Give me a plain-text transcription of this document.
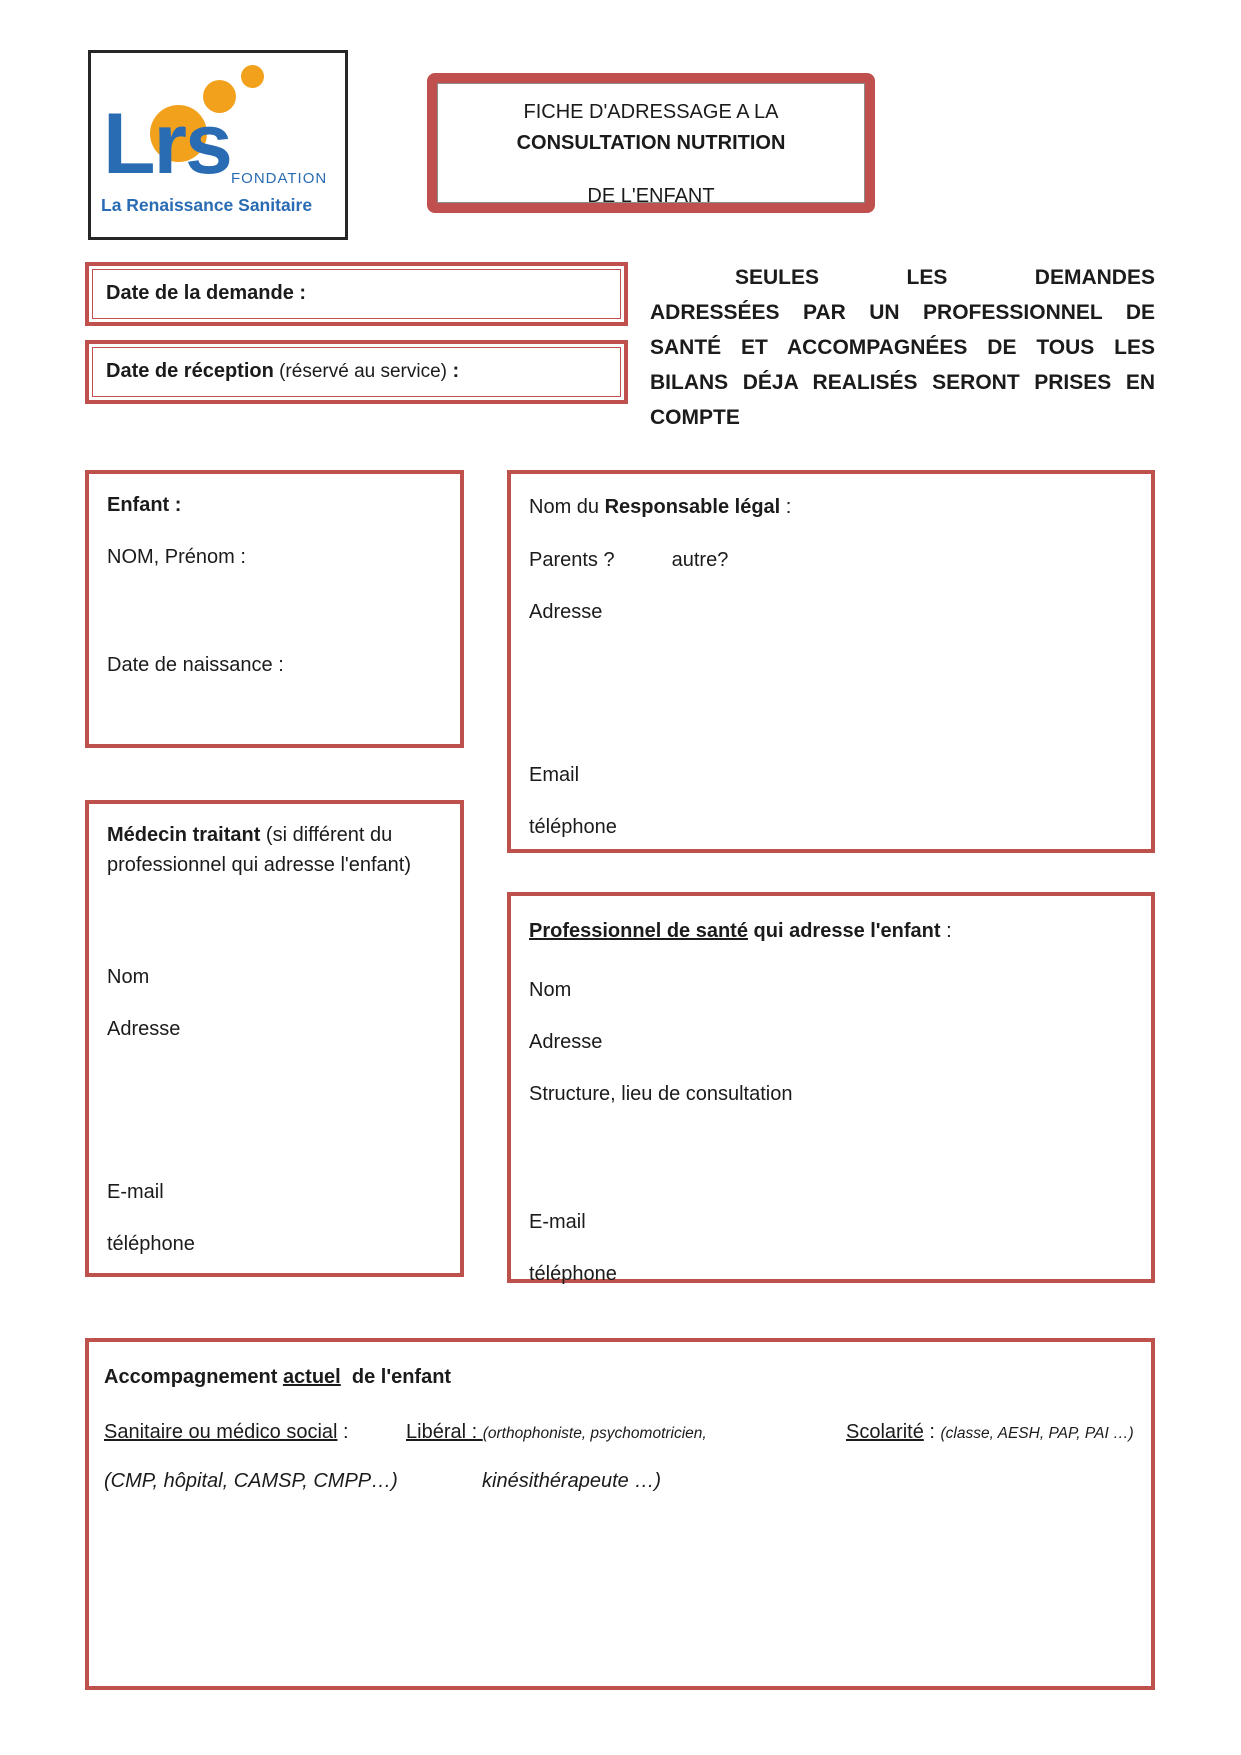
Lrs FONDATION
La Renaissance Sanitaire
FICHE D'ADRESSAGE A LA
CONSULTATION NUTRITION
DE L'ENFANT
Date de la demande :
Date de réception (réservé au service) :
SEULES LES DEMANDES
ADRESSÉES PAR UN PROFESSIONNEL DE
SANTÉ ET ACCOMPAGNÉES DE TOUS LES
BILANS DÉJA REALISÉS SERONT PRISES EN
COMPTE

Enfant :

NOM, Prénom :

Date de naissance :

Nom du Responsable légal :

Parents ?	autre?

Adresse

Email

téléphone

Médecin traitant (si différent du

professionnel qui adresse l'enfant)

Nom

Adresse

E-mail

téléphone

Professionnel de santé qui adresse l'enfant :

Nom

Adresse

Structure, lieu de consultation

E-mail

téléphone

Accompagnement actuel  de l'enfant

Sanitaire ou médico social :	Libéral : (orthophoniste, psychomotricien,	Scolarité : (classe, AESH, PAP, PAI …)

(CMP, hôpital, CAMSP, CMPP…)	kinésithérapeute …)
